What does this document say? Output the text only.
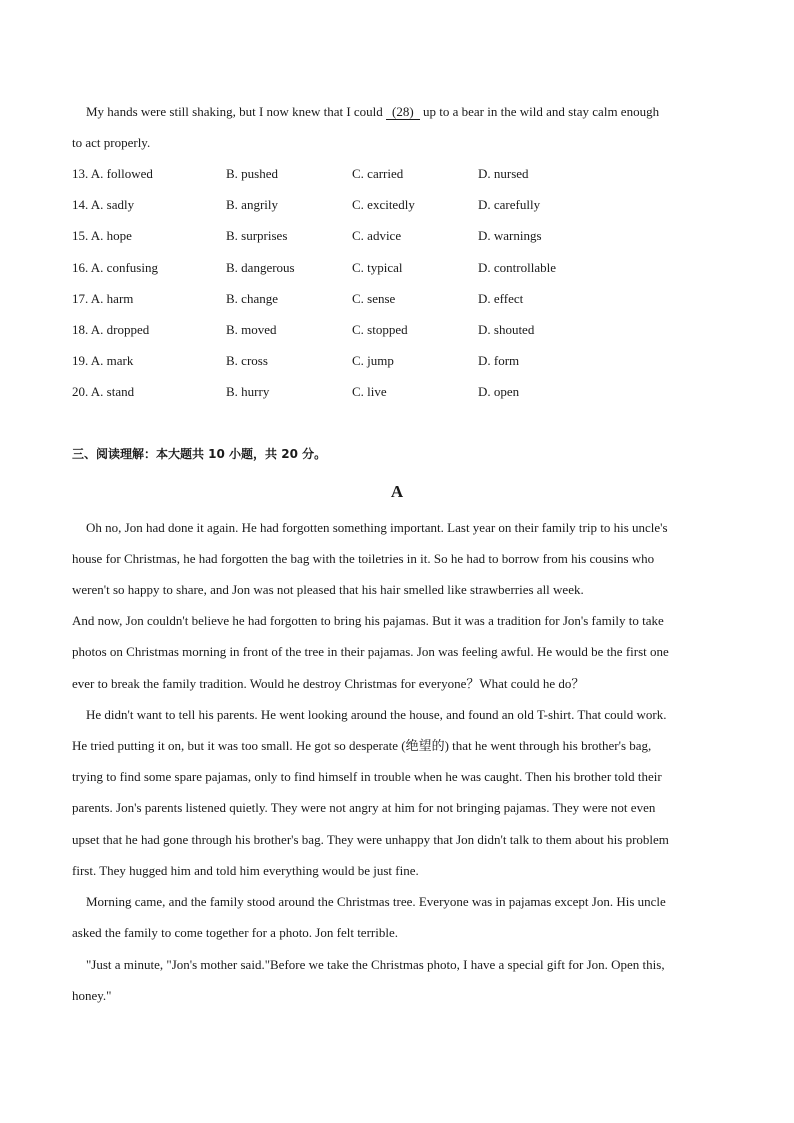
My hands were still shaking, but I now knew that I could (28) up to a bear in the wild and stay calm enough
to act properly.
13. A. followed	B. pushed	C. carried	D. nursed
14. A. sadly	B. angrily	C. excitedly	D. carefully
15. A. hope	B. surprises	C. advice	D. warnings
16. A. confusing	B. dangerous	C. typical	D. controllable
17. A. harm	B. change	C. sense	D. effect
18. A. dropped	B. moved	C. stopped	D. shouted
19. A. mark	B. cross	C. jump	D. form
20. A. stand	B. hurry	C. live	D. open
三、阅读理解：本大题共 10 小题，共 20 分。
A
Oh no, Jon had done it again. He had forgotten something important. Last year on their family trip to his uncle's
house for Christmas, he had forgotten the bag with the toiletries in it. So he had to borrow from his cousins who
weren't so happy to share, and Jon was not pleased that his hair smelled like strawberries all week.
And now, Jon couldn't believe he had forgotten to bring his pajamas. But it was a tradition for Jon's family to take
photos on Christmas morning in front of the tree in their pajamas. Jon was feeling awful. He would be the first one
ever to break the family tradition. Would he destroy Christmas for everyone？What could he do？
He didn't want to tell his parents. He went looking around the house, and found an old T-shirt. That could work.
He tried putting it on, but it was too small. He got so desperate (绝望的) that he went through his brother's bag,
trying to find some spare pajamas, only to find himself in trouble when he was caught. Then his brother told their
parents. Jon's parents listened quietly. They were not angry at him for not bringing pajamas. They were not even
upset that he had gone through his brother's bag. They were unhappy that Jon didn't talk to them about his problem
first. They hugged him and told him everything would be just fine.
Morning came, and the family stood around the Christmas tree. Everyone was in pajamas except Jon. His uncle
asked the family to come together for a photo. Jon felt terrible.
"Just a minute, "Jon's mother said."Before we take the Christmas photo, I have a special gift for Jon. Open this,
honey."
